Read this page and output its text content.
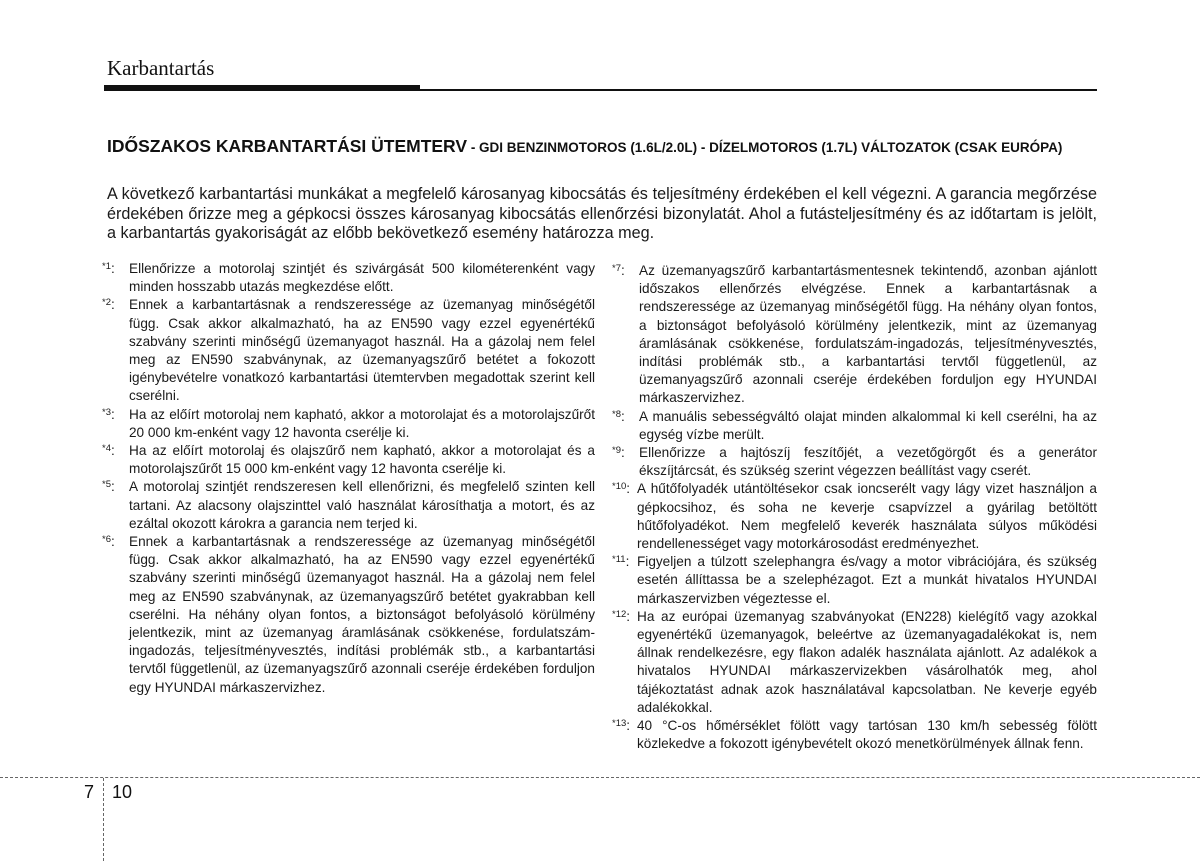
Karbantartás
IDŐSZAKOS KARBANTARTÁSI ÜTEMTERV - GDI BENZINMOTOROS (1.6L/2.0L) - DÍZELMOTOROS (1.7L) VÁLTOZATOK (CSAK EURÓPA)
A következő karbantartási munkákat a megfelelő károsanyag kibocsátás és teljesítmény érdekében el kell végezni. A garancia megőrzése érdekében őrizze meg a gépkocsi összes károsanyag kibocsátás ellenőrzési bizonylatát. Ahol a futásteljesítmény és az időtartam is jelölt, a karbantartás gyakoriságát az előbb bekövetkező esemény határozza meg.
$^{*1}$: Ellenőrizze a motorolaj szintjét és szivárgását 500 kilométerenként vagy minden hosszabb utazás megkezdése előtt.
$^{*2}$: Ennek a karbantartásnak a rendszeressége az üzemanyag minőségétől függ. Csak akkor alkalmazható, ha az EN590 vagy ezzel egyenértékű szabvány szerinti minőségű üzemanyagot használ. Ha a gázolaj nem felel meg az EN590 szabványnak, az üzemanyagszűrő betétet a fokozott igénybevételre vonatkozó karbantartási ütemtervben megadottak szerint kell cserélni.
$^{*3}$: Ha az előírt motorolaj nem kapható, akkor a motorolajat és a motorolajszűrőt 20 000 km-enként vagy 12 havonta cserélje ki.
$^{*4}$: Ha az előírt motorolaj és olajszűrő nem kapható, akkor a motorolajat és a motorolajszűrőt 15 000 km-enként vagy 12 havonta cserélje ki.
$^{*5}$: A motorolaj szintjét rendszeresen kell ellenőrizni, és megfelelő szinten kell tartani. Az alacsony olajszinttel való használat károsíthatja a motort, és az ezáltal okozott károkra a garancia nem terjed ki.
$^{*6}$: Ennek a karbantartásnak a rendszeressége az üzemanyag minőségétől függ. Csak akkor alkalmazható, ha az EN590 vagy ezzel egyenértékű szabvány szerinti minőségű üzemanyagot használ. Ha a gázolaj nem felel meg az EN590 szabványnak, az üzemanyagszűrő betétet gyakrabban kell cserélni. Ha néhány olyan fontos, a biztonságot befolyásoló körülmény jelentkezik, mint az üzemanyag áramlásának csökkenése, fordulatszám-ingadozás, teljesítményvesztés, indítási problémák stb., a karbantartási tervtől függetlenül, az üzemanyagszűrő azonnali cseréje érdekében forduljon egy HYUNDAI márkaszervizhez.
$^{*7}$: Az üzemanyagszűrő karbantartásmentesnek tekintendő, azonban ajánlott időszakos ellenőrzés elvégzése. Ennek a karbantartásnak a rendszeressége az üzemanyag minőségétől függ. Ha néhány olyan fontos, a biztonságot befolyásoló körülmény jelentkezik, mint az üzemanyag áramlásának csökkenése, fordulatszám-ingadozás, teljesítményvesztés, indítási problémák stb., a karbantartási tervtől függetlenül, az üzemanyagszűrő azonnali cseréje érdekében forduljon egy HYUNDAI márkaszervizhez.
$^{*8}$: A manuális sebességváltó olajat minden alkalommal ki kell cserélni, ha az egység vízbe merült.
$^{*9}$: Ellenőrizze a hajtószíj feszítőjét, a vezetőgörgőt és a generátor ékszíjtárcsát, és szükség szerint végezzen beállítást vagy cserét.
$^{*10}$: A hűtőfolyadék utántöltésekor csak ioncserélt vagy lágy vizet használjon a gépkocsihoz, és soha ne keverje csapvízzel a gyárilag betöltött hűtőfolyadékot. Nem megfelelő keverék használata súlyos működési rendellenességet vagy motorkárosodást eredményezhet.
$^{*11}$: Figyeljen a túlzott szelephangra és/vagy a motor vibrációjára, és szükség esetén állíttassa be a szelephézagot. Ezt a munkát hivatalos HYUNDAI márkaszervizben végeztesse el.
$^{*12}$: Ha az európai üzemanyag szabványokat (EN228) kielégítő vagy azokkal egyenértékű üzemanyagok, beleértve az üzemanyagadalékokat is, nem állnak rendelkezésre, egy flakon adalék használata ajánlott. Az adalékok a hivatalos HYUNDAI márkaszervizekben vásárolhatók meg, ahol tájékoztatást adnak azok használatával kapcsolatban. Ne keverje egyéb adalékokkal.
$^{*13}$: 40 °C-os hőmérséklet fölött vagy tartósan 130 km/h sebesség fölött közlekedve a fokozott igénybevételt okozó menetkörülmények állnak fenn.
7 10
